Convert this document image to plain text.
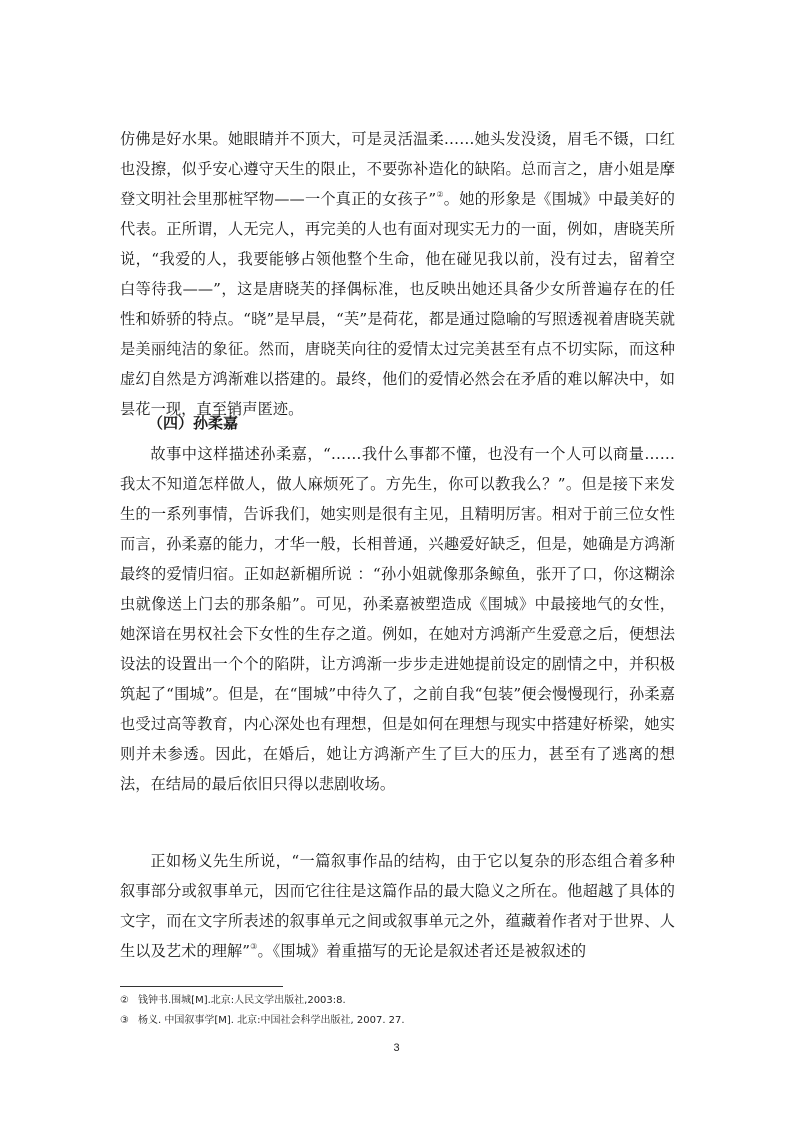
仿佛是好水果。她眼睛并不顶大，可是灵活温柔……她头发没烫，眉毛不镊，口红也没擦，似乎安心遵守天生的限止，不要弥补造化的缺陷。总而言之，唐小姐是摩登文明社会里那桩罕物——一个真正的女孩子”②。她的形象是《围城》中最美好的代表。正所谓，人无完人，再完美的人也有面对现实无力的一面，例如，唐晓芙所说，“我爱的人，我要能够占领他整个生命，他在碰见我以前，没有过去，留着空白等待我——”，这是唐晓芙的择偶标准，也反映出她还具备少女所普遍存在的任性和娇骄的特点。“晓”是早晨，“芙”是荷花，都是通过隐喻的写照透视着唐晓芙就是美丽纯洁的象征。然而，唐晓芙向往的爱情太过完美甚至有点不切实际，而这种虚幻自然是方鸿渐难以搭建的。最终，他们的爱情必然会在矛盾的难以解决中，如昙花一现，直至销声匿迹。

（四）孙柔嘉

故事中这样描述孙柔嘉，“……我什么事都不懂，也没有一个人可以商量……我太不知道怎样做人，做人麻烦死了。方先生，你可以教我么？”。但是接下来发生的一系列事情，告诉我们，她实则是很有主见，且精明厉害。相对于前三位女性而言，孙柔嘉的能力，才华一般，长相普通，兴趣爱好缺乏，但是，她确是方鸿渐最终的爱情归宿。正如赵新楣所说 ：“孙小姐就像那条鲸鱼，张开了口，你这糊涂虫就像送上门去的那条船”。可见，孙柔嘉被塑造成《围城》中最接地气的女性，她深谙在男权社会下女性的生存之道。例如，在她对方鸿渐产生爱意之后，便想法设法的设置出一个个的陷阱，让方鸿渐一步步走进她提前设定的剧情之中，并积极筑起了“围城”。但是，在“围城”中待久了，之前自我“包装”便会慢慢现行，孙柔嘉也受过高等教育，内心深处也有理想，但是如何在理想与现实中搭建好桥梁，她实则并未参透。因此，在婚后，她让方鸿渐产生了巨大的压力，甚至有了逃离的想法，在结局的最后依旧只得以悲剧收场。

正如杨义先生所说，“一篇叙事作品的结构，由于它以复杂的形态组合着多种叙事部分或叙事单元，因而它往往是这篇作品的最大隐义之所在。他超越了具体的文字，而在文字所表述的叙事单元之间或叙事单元之外，蕴藏着作者对于世界、人生以及艺术的理解”③。《围城》着重描写的无论是叙述者还是被叙述的

② 钱钟书.围城[M].北京:人民文学出版社,2003:8.
③ 杨义. 中国叙事学[M]. 北京:中国社会科学出版社, 2007. 27.
3
